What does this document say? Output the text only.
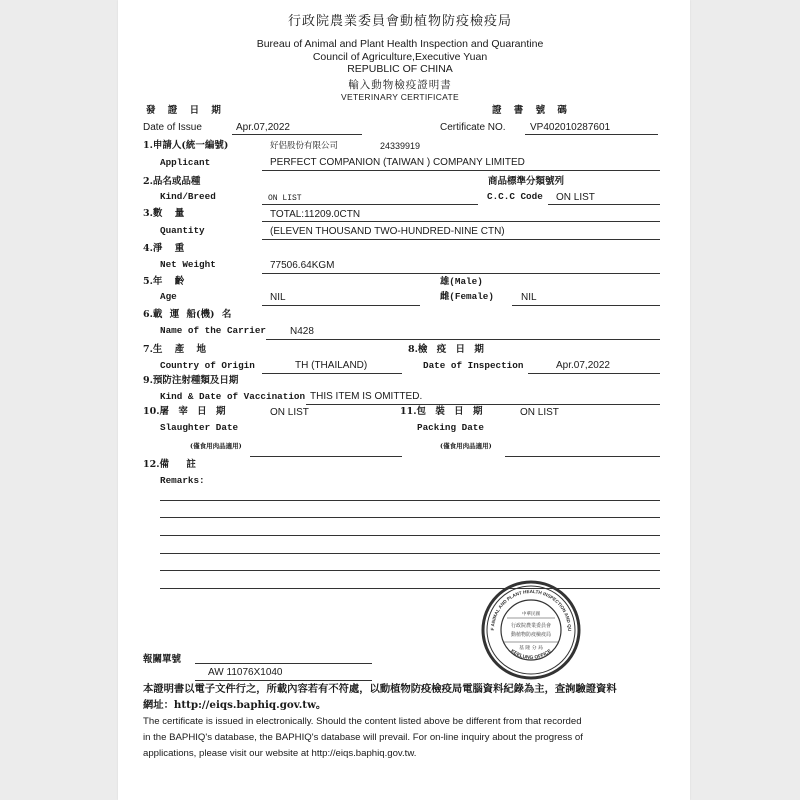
行政院農業委員會動植物防疫檢疫局
Bureau of Animal and Plant Health Inspection and Quarantine
Council of Agriculture,Executive Yuan
REPUBLIC OF CHINA
輸入動物檢疫證明書
VETERINARY CERTIFICATE
發 證 日 期
Date of Issue	Apr.07,2022
證 書 號 碼
Certificate NO. VP402010287601
1.申請人(統一編號)	好侶股份有限公司	24339919
Applicant	PERFECT COMPANION (TAIWAN ) COMPANY LIMITED
2.品名或品種	商品標準分類號列
Kind/Breed	ON LIST	C.C.C Code ON LIST
3.數 量	TOTAL:11209.0CTN
Quantity	(ELEVEN THOUSAND TWO-HUNDRED-NINE CTN)
4.淨 重
Net Weight	77506.64KGM
5.年 齡	雄(Male)
Age	NIL	雌(Female)	NIL
6.載 運 船(機) 名
Name of the Carrier N428
7.生 產 地	8.檢 疫 日 期
Country of Origin	TH (THAILAND)	Date of Inspection	Apr.07,2022
9.預防注射種類及日期
Kind & Date of Vaccination THIS ITEM IS OMITTED.
10.屠 宰 日 期	ON LIST	11.包 裝 日 期	ON LIST
Slaughter Date	Packing Date
(僅食用肉品適用)	(僅食用肉品適用)
12.備 註
Remarks:
F ANIMAL AND PLANT HEALTH INSPECTION AND QU
KEELUNG OFFICE
中華民國
行政院農業委員會
動植物防疫檢疫局
基 隆 分 局
報關單號
AW 11076X1040
本證明書以電子文件行之，所載內容若有不符處，以動植物防疫檢疫局電腦資料紀錄為主，查詢驗證資料
網址：http://eiqs.baphiq.gov.tw。
The certificate is issued in electronically. Should the content listed above be different from that recorded
in the BAPHIQ's database, the BAPHIQ's database will prevail. For on-line inquiry about the progress of
applications, please visit our website at http://eiqs.baphiq.gov.tw.
